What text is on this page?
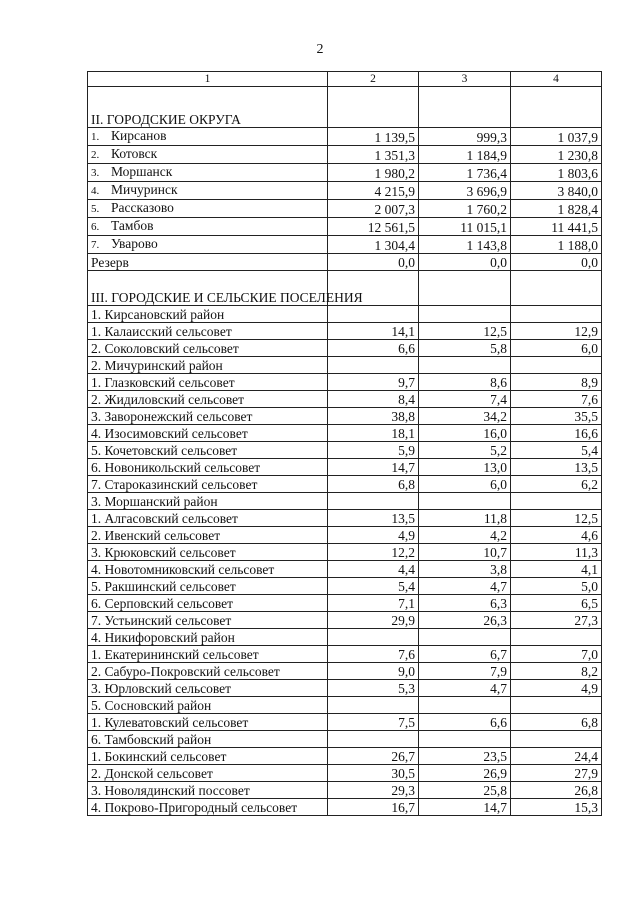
2
1	2	3	4
II. ГОРОДСКИЕ ОКРУГА			
1. Кирсанов	1 139,5	999,3	1 037,9
2. Котовск	1 351,3	1 184,9	1 230,8
3. Моршанск	1 980,2	1 736,4	1 803,6
4. Мичуринск	4 215,9	3 696,9	3 840,0
5. Рассказово	2 007,3	1 760,2	1 828,4
6. Тамбов	12 561,5	11 015,1	11 441,5
7. Уварово	1 304,4	1 143,8	1 188,0
Резерв	0,0	0,0	0,0
III. ГОРОДСКИЕ И СЕЛЬСКИЕ ПОСЕЛЕНИЯ			
1. Кирсановский район			
1. Калаисский сельсовет	14,1	12,5	12,9
2. Соколовский сельсовет	6,6	5,8	6,0
2. Мичуринский район			
1. Глазковский сельсовет	9,7	8,6	8,9
2. Жидиловский сельсовет	8,4	7,4	7,6
3. Заворонежский сельсовет	38,8	34,2	35,5
4. Изосимовский сельсовет	18,1	16,0	16,6
5. Кочетовский сельсовет	5,9	5,2	5,4
6. Новоникольский сельсовет	14,7	13,0	13,5
7. Староказинский сельсовет	6,8	6,0	6,2
3. Моршанский район			
1. Алгасовский сельсовет	13,5	11,8	12,5
2. Ивенский сельсовет	4,9	4,2	4,6
3. Крюковский сельсовет	12,2	10,7	11,3
4. Новотомниковский сельсовет	4,4	3,8	4,1
5. Ракшинский сельсовет	5,4	4,7	5,0
6. Серповский сельсовет	7,1	6,3	6,5
7. Устьинский сельсовет	29,9	26,3	27,3
4. Никифоровский район			
1. Екатерининский сельсовет	7,6	6,7	7,0
2. Сабуро-Покровский сельсовет	9,0	7,9	8,2
3. Юрловский сельсовет	5,3	4,7	4,9
5. Сосновский район			
1. Кулеватовский сельсовет	7,5	6,6	6,8
6. Тамбовский район			
1. Бокинский сельсовет	26,7	23,5	24,4
2. Донской сельсовет	30,5	26,9	27,9
3. Новолядинский поссовет	29,3	25,8	26,8
4. Покрово-Пригородный сельсовет	16,7	14,7	15,3
